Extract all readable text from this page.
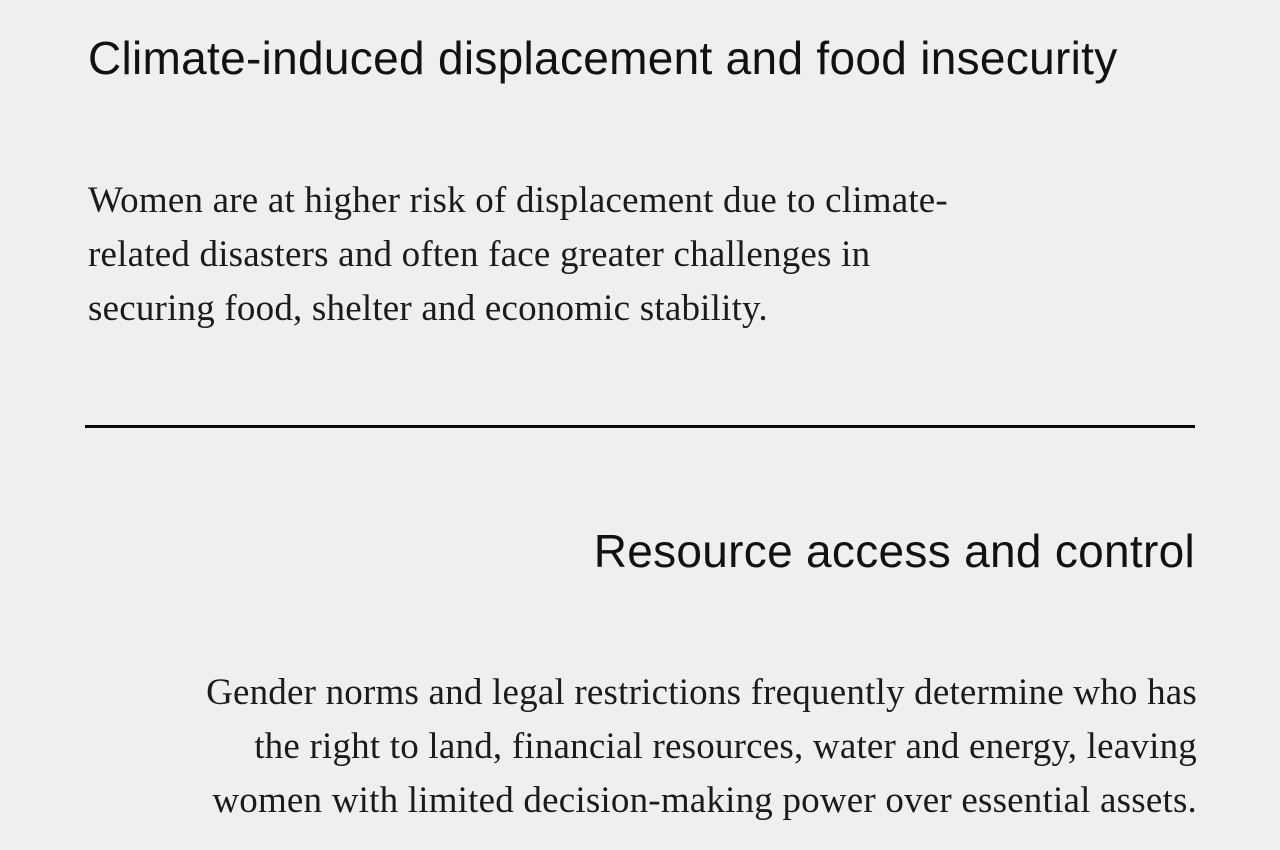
Climate-induced displacement and food insecurity

Women are at higher risk of displacement due to climate-
related disasters and often face greater challenges in
securing food, shelter and economic stability.

Resource access and control

Gender norms and legal restrictions frequently determine who has
the right to land, financial resources, water and energy, leaving
women with limited decision-making power over essential assets.
